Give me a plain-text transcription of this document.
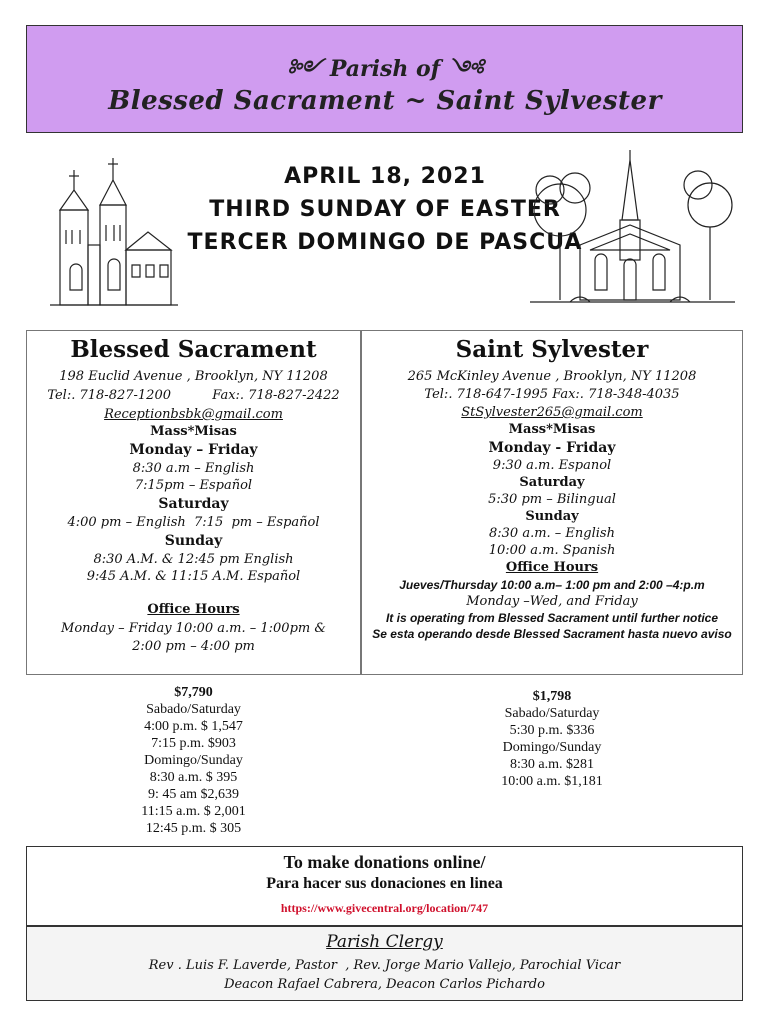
༻ Parish of ༺
Blessed Sacrament ~ Saint Sylvester
APRIL 18, 2021
THIRD SUNDAY OF EASTER
TERCER DOMINGO DE PASCUA
Blessed Sacrament
198 Euclid Avenue , Brooklyn, NY 11208
Tel:. 718-827-1200          Fax:. 718-827-2422
Receptionbsbk@gmail.com
Mass*Misas
Monday – Friday
8:30 a.m – English
7:15pm – Español
Saturday
4:00 pm – English  7:15  pm – Español
Sunday
8:30 A.M. & 12:45 pm English
9:45 A.M. & 11:15 A.M. Español
Office Hours
Monday – Friday 10:00 a.m. – 1:00pm &
2:00 pm – 4:00 pm
Saint Sylvester
265 McKinley Avenue , Brooklyn, NY 11208
Tel:. 718-647-1995 Fax:. 718-348-4035
StSylvester265@gmail.com
Mass*Misas
Monday - Friday
9:30 a.m. Espanol
Saturday
5:30 pm – Bilingual
Sunday
8:30 a.m. – English
10:00 a.m. Spanish
Office Hours
Jueves/Thursday 10:00 a.m– 1:00 pm and 2:00 –4:p.m
Monday –Wed, and Friday
It is operating from Blessed Sacrament until further notice
Se esta operando desde Blessed Sacrament hasta nuevo aviso
$7,790
Sabado/Saturday
4:00 p.m. $ 1,547
7:15 p.m. $903
Domingo/Sunday
8:30 a.m. $ 395
9: 45 am $2,639
11:15 a.m. $ 2,001
12:45 p.m. $ 305
$1,798
Sabado/Saturday
5:30 p.m. $336
Domingo/Sunday
8:30 a.m. $281
10:00 a.m. $1,181
To make donations online/
Para hacer sus donaciones en linea
https://www.givecentral.org/location/747
Parish Clergy
Rev . Luis F. Laverde, Pastor  , Rev. Jorge Mario Vallejo, Parochial Vicar
Deacon Rafael Cabrera, Deacon Carlos Pichardo
